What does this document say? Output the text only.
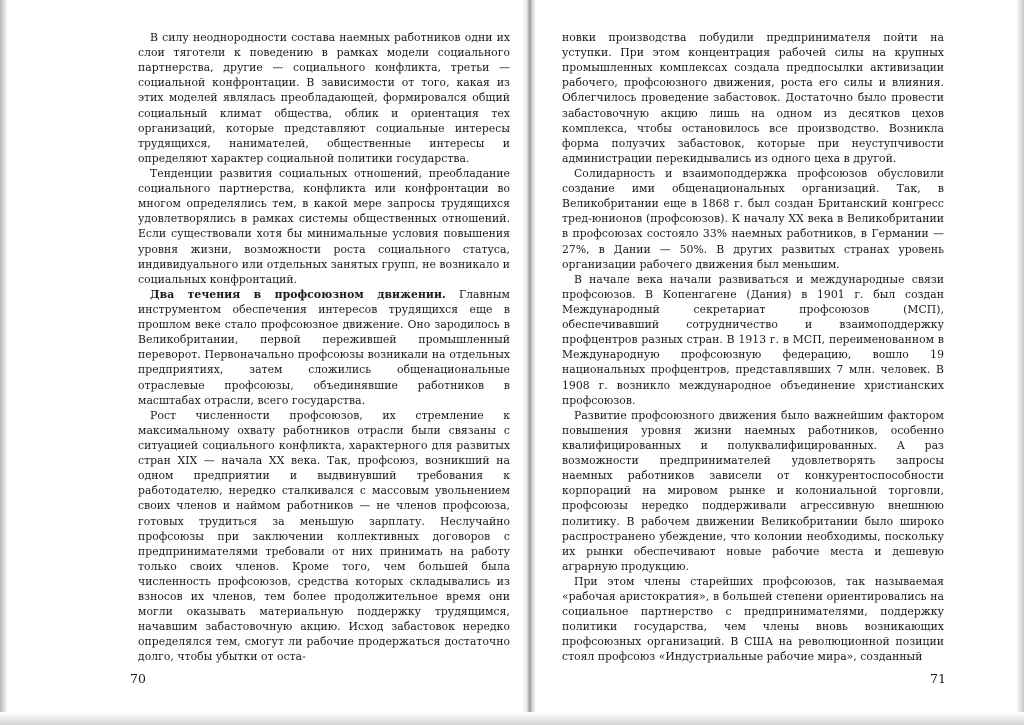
В силу неоднородности состава наемных работников одни их слои тяготели к поведению в рамках модели социального партнерства, другие — социального конфликта, третьи — социальной конфронтации. В зависимости от того, какая из этих моделей являлась преобладающей, формировался общий социальный климат общества, облик и ориентация тех организаций, которые представляют социальные интересы трудящихся, нанимателей, общественные интересы и определяют характер социальной политики государства.

Тенденции развития социальных отношений, преобладание социального партнерства, конфликта или конфронтации во многом определялись тем, в какой мере запросы трудящихся удовлетворялись в рамках системы общественных отношений. Если существовали хотя бы минимальные условия повышения уровня жизни, возможности роста социального статуса, индивидуального или отдельных занятых групп, не возникало и социальных конфронтаций.

Два течения в профсоюзном движении. Главным инструментом обеспечения интересов трудящихся еще в прошлом веке стало профсоюзное движение. Оно зародилось в Великобритании, первой пережившей промышленный переворот. Первоначально профсоюзы возникали на отдельных предприятиях, затем сложились общенациональные отраслевые профсоюзы, объединявшие работников в масштабах отрасли, всего государства.

Рост численности профсоюзов, их стремление к максимальному охвату работников отрасли были связаны с ситуацией социального конфликта, характерного для развитых стран XIX — начала XX века. Так, профсоюз, возникший на одном предприятии и выдвинувший требования к работодателю, нередко сталкивался с массовым увольнением своих членов и наймом работников — не членов профсоюза, готовых трудиться за меньшую зарплату. Неслучайно профсоюзы при заключении коллективных договоров с предпринимателями требовали от них принимать на работу только своих членов. Кроме того, чем большей была численность профсоюзов, средства которых складывались из взносов их членов, тем более продолжительное время они могли оказывать материальную поддержку трудящимся, начавшим забастовочную акцию. Исход забастовок нередко определялся тем, смогут ли рабочие продержаться достаточно долго, чтобы убытки от оста-

70

новки производства побудили предпринимателя пойти на уступки. При этом концентрация рабочей силы на крупных промышленных комплексах создала предпосылки активизации рабочего, профсоюзного движения, роста его силы и влияния. Облегчилось проведение забастовок. Достаточно было провести забастовочную акцию лишь на одном из десятков цехов комплекса, чтобы остановилось все производство. Возникла форма полузчих забастовок, которые при неуступчивости администрации перекидывались из одного цеха в другой.

Солидарность и взаимоподдержка профсоюзов обусловили создание ими общенациональных организаций. Так, в Великобритании еще в 1868 г. был создан Британский конгресс тред-юнионов (профсоюзов). К началу XX века в Великобритании в профсоюзах состояло 33% наемных работников, в Германии — 27%, в Дании — 50%. В других развитых странах уровень организации рабочего движения был меньшим.

В начале века начали развиваться и международные связи профсоюзов. В Копенгагене (Дания) в 1901 г. был создан Международный секретариат профсоюзов (МСП), обеспечивавший сотрудничество и взаимоподдержку профцентров разных стран. В 1913 г. в МСП, переименованном в Международную профсоюзную федерацию, вошло 19 национальных профцентров, представлявших 7 млн. человек. В 1908 г. возникло международное объединение христианских профсоюзов.

Развитие профсоюзного движения было важнейшим фактором повышения уровня жизни наемных работников, особенно квалифицированных и полуквалифицированных. А раз возможности предпринимателей удовлетворять запросы наемных работников зависели от конкурентоспособности корпораций на мировом рынке и колониальной торговли, профсоюзы нередко поддерживали агрессивную внешнюю политику. В рабочем движении Великобритании было широко распространено убеждение, что колонии необходимы, поскольку их рынки обеспечивают новые рабочие места и дешевую аграрную продукцию.

При этом члены старейших профсоюзов, так называемая «рабочая аристократия», в большей степени ориентировались на социальное партнерство с предпринимателями, поддержку политики государства, чем члены вновь возникающих профсоюзных организаций. В США на революционной позиции стоял профсоюз «Индустриальные рабочие мира», созданный

71
